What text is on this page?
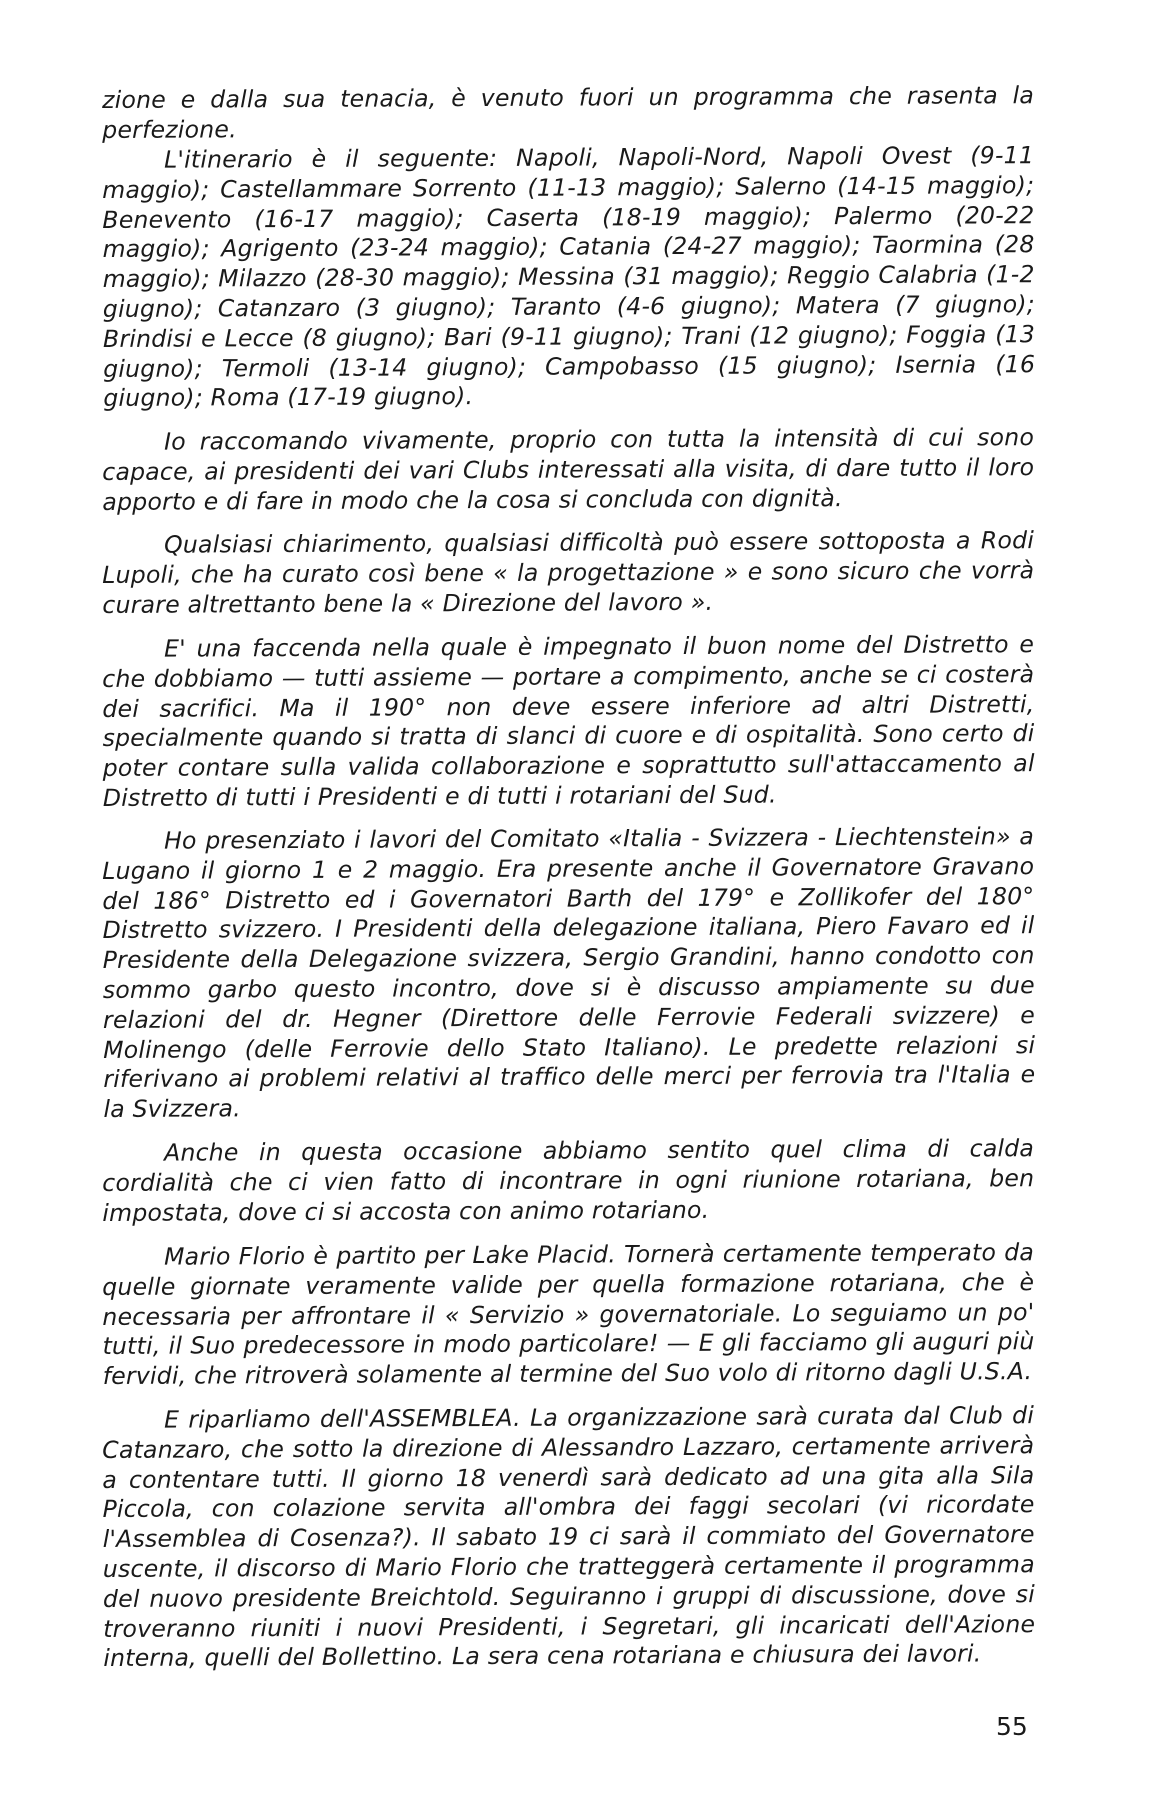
zione e dalla sua tenacia, è venuto fuori un programma che rasenta la perfezione.

L'itinerario è il seguente: Napoli, Napoli-Nord, Napoli Ovest (9-11 maggio); Castellammare Sorrento (11-13 maggio); Salerno (14-15 maggio); Benevento (16-17 maggio); Caserta (18-19 maggio); Palermo (20-22 maggio); Agrigento (23-24 maggio); Catania (24-27 maggio); Taormina (28 maggio); Milazzo (28-30 maggio); Messina (31 maggio); Reggio Calabria (1-2 giugno); Catanzaro (3 giugno); Taranto (4-6 giugno); Matera (7 giugno); Brindisi e Lecce (8 giugno); Bari (9-11 giugno); Trani (12 giugno); Foggia (13 giugno); Termoli (13-14 giugno); Campobasso (15 giugno); Isernia (16 giugno); Roma (17-19 giugno).

Io raccomando vivamente, proprio con tutta la intensità di cui sono capace, ai presidenti dei vari Clubs interessati alla visita, di dare tutto il loro apporto e di fare in modo che la cosa si concluda con dignità.

Qualsiasi chiarimento, qualsiasi difficoltà può essere sottoposta a Rodi Lupoli, che ha curato così bene « la progettazione » e sono sicuro che vorrà curare altrettanto bene la « Direzione del lavoro ».

E' una faccenda nella quale è impegnato il buon nome del Distretto e che dobbiamo — tutti assieme — portare a compimento, anche se ci costerà dei sacrifici. Ma il 190° non deve essere inferiore ad altri Distretti, specialmente quando si tratta di slanci di cuore e di ospitalità. Sono certo di poter contare sulla valida collaborazione e soprattutto sull'attaccamento al Distretto di tutti i Presidenti e di tutti i rotariani del Sud.

Ho presenziato i lavori del Comitato «Italia - Svizzera - Liechtenstein» a Lugano il giorno 1 e 2 maggio. Era presente anche il Governatore Gravano del 186° Distretto ed i Governatori Barth del 179° e Zollikofer del 180° Distretto svizzero. I Presidenti della delegazione italiana, Piero Favaro ed il Presidente della Delegazione svizzera, Sergio Grandini, hanno condotto con sommo garbo questo incontro, dove si è discusso ampiamente su due relazioni del dr. Hegner (Direttore delle Ferrovie Federali svizzere) e Molinengo (delle Ferrovie dello Stato Italiano). Le predette relazioni si riferivano ai problemi relativi al traffico delle merci per ferrovia tra l'Italia e la Svizzera.

Anche in questa occasione abbiamo sentito quel clima di calda cordialità che ci vien fatto di incontrare in ogni riunione rotariana, ben impostata, dove ci si accosta con animo rotariano.

Mario Florio è partito per Lake Placid. Tornerà certamente temperato da quelle giornate veramente valide per quella formazione rotariana, che è necessaria per affrontare il « Servizio » governatoriale. Lo seguiamo un po' tutti, il Suo predecessore in modo particolare! — E gli facciamo gli auguri più fervidi, che ritroverà solamente al termine del Suo volo di ritorno dagli U.S.A.

E riparliamo dell'ASSEMBLEA. La organizzazione sarà curata dal Club di Catanzaro, che sotto la direzione di Alessandro Lazzaro, certamente arriverà a contentare tutti. Il giorno 18 venerdì sarà dedicato ad una gita alla Sila Piccola, con colazione servita all'ombra dei faggi secolari (vi ricordate l'Assemblea di Cosenza?). Il sabato 19 ci sarà il commiato del Governatore uscente, il discorso di Mario Florio che tratteggerà certamente il programma del nuovo presidente Breichtold. Seguiranno i gruppi di discussione, dove si troveranno riuniti i nuovi Presidenti, i Segretari, gli incaricati dell'Azione interna, quelli del Bollettino. La sera cena rotariana e chiusura dei lavori.

55
